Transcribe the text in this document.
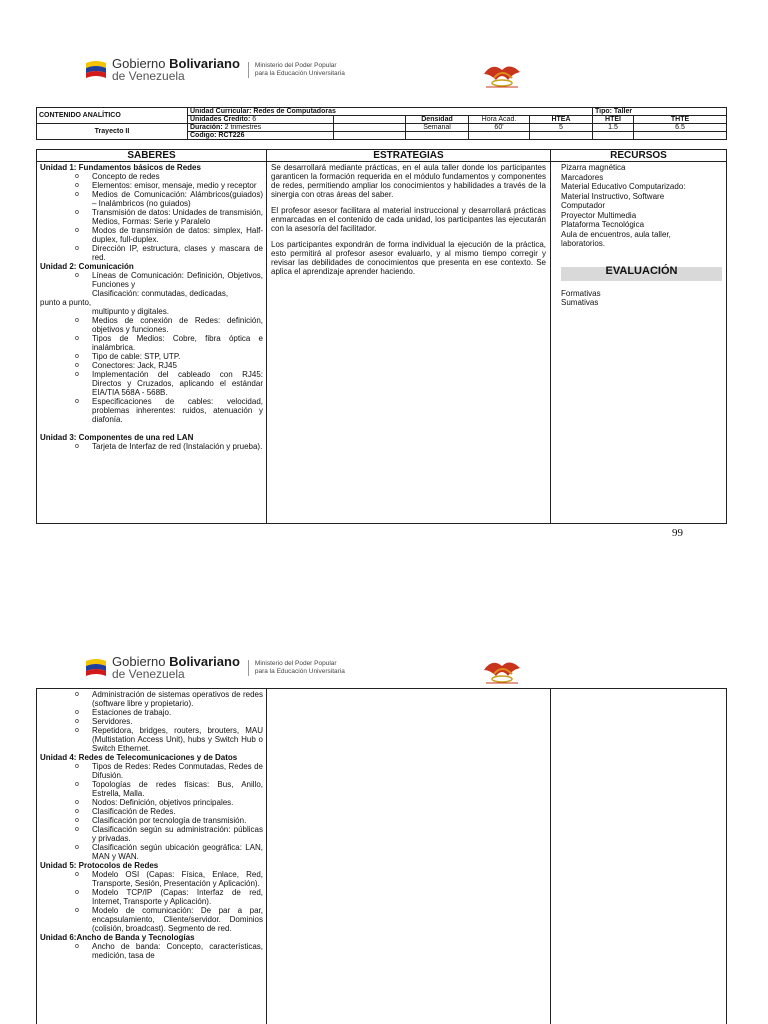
Gobierno Bolivariano
de Venezuela
Ministerio del Poder Popular
para la Educación Universitaria
CONTENIDO ANALÍTICO	Unidad Curricular: Redes de Computadoras					Tipo: Taller	
	Unidades Credito: 6		Densidad	Hora Acad.	HTEA	HTEI	THTE
Trayecto II	Duración: 2 trimestres		Semanal	60'	5	1.5	6.5
	Codigo: RCT226						
SABERES
Unidad 1: Fundamentos básicos de Redes
o Concepto de redes
o Elementos: emisor, mensaje, medio y receptor
o Medios de Comunicación: Alámbricos(guiados) – Inalámbricos (no guiados)
o Transmisión de datos: Unidades de transmisión, Medios, Formas: Serie y Paralelo
o Modos de transmisión de datos: simplex, Half-duplex, full-duplex.
o Dirección IP, estructura, clases y mascara de red.
Unidad 2: Comunicación
o Líneas de Comunicación: Definición, Objetivos, Funciones y
Clasificación: conmutadas, dedicadas,
punto a punto,
multipunto y digitales.
o Medios de conexión de Redes: definición, objetivos y funciones.
o Tipos de Medios: Cobre, fibra óptica e inalámbrica.
o Tipo de cable: STP, UTP.
o Conectores: Jack, RJ45
o Implementación del cableado con RJ45: Directos y Cruzados, aplicando el estándar EIA/TIA 568A - 568B.
o Especificaciones de cables: velocidad, problemas inherentes: ruidos, atenuación y diafonía.
Unidad 3: Componentes de una red LAN
o Tarjeta de Interfaz de red (Instalación y prueba).
ESTRATEGIAS

Se desarrollará mediante prácticas, en el aula taller donde los participantes garanticen la formación requerida en el módulo fundamentos y componentes de redes, permitiendo ampliar los conocimientos y habilidades a través de la sinergia con otras áreas del saber.

El profesor asesor facilitara al material instruccional y desarrollará prácticas enmarcadas en el contenido de cada unidad, los participantes las ejecutarán con la asesoría del facilitador.

Los participantes expondrán de forma individual la ejecución de la práctica, esto permitirá al profesor asesor evaluarlo, y al mismo tiempo corregir y revisar las debilidades de conocimientos que presenta en ese contexto. Se aplica el aprendizaje aprender haciendo.

RECURSOS
Pizarra magnética
Marcadores
Material Educativo Computarizado:
Material Instructivo, Software
Computador
Proyector Multimedia
Plataforma Tecnológica
Aula de encuentros, aula taller,
laboratorios.
EVALUACIÓN
Formativas
Sumativas
99
Gobierno Bolivariano
de Venezuela
Ministerio del Poder Popular
para la Educación Universitaria
o Administración de sistemas operativos de redes (software libre y propietario).
o Estaciones de trabajo.
o Servidores.
o Repetidora, bridges, routers, brouters, MAU (Multistation Access Unit), hubs y Switch Hub o Switch Ethernet.
Unidad 4: Redes de Telecomunicaciones y de Datos
o Tipos de Redes: Redes Conmutadas, Redes de Difusión.
o Topologías de redes físicas: Bus, Anillo, Estrella, Malla.
o Nodos: Definición, objetivos principales.
o Clasificación de Redes.
o Clasificación por tecnología de transmisión.
o Clasificación según su administración: públicas y privadas.
o Clasificación según ubicación geográfica: LAN, MAN y WAN.
Unidad 5: Protocolos de Redes
o Modelo OSI (Capas: Física, Enlace, Red, Transporte, Sesión, Presentación y Aplicación).
o Modelo TCP/IP (Capas: Interfaz de red, Internet, Transporte y Aplicación).
o Modelo de comunicación: De par a par, encapsulamiento, Cliente/servidor. Dominios (colisión, broadcast). Segmento de red.
Unidad 6:Ancho de Banda y Tecnologías
o Ancho de banda: Concepto, características, medición, tasa de
